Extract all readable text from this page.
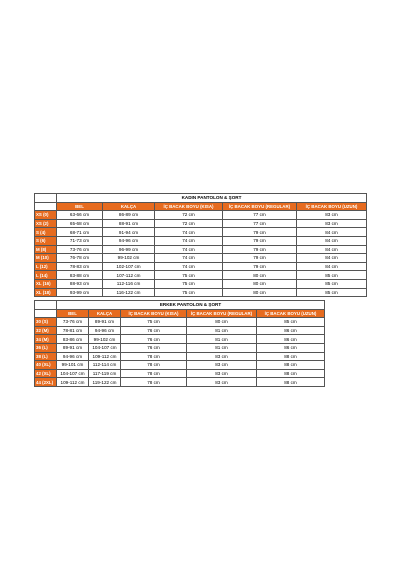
	KADIN PANTOLON & ŞORT				
	BEL	KALÇA	İÇ BACAK BOYU (KISA)	İÇ BACAK BOYU (REGULAR)	İÇ BACAK BOYU (UZUN)
XS (0)	63-66 cm	86-89 cm	72 cm	77 cm	83 cm
XS (2)	65-68 cm	88-91 cm	72 cm	77 cm	83 cm
S (4)	68-71 cm	91-94 cm	74 cm	79 cm	84 cm
S (6)	71-73 cm	94-96 cm	74 cm	79 cm	84 cm
M (8)	73-76 cm	96-99 cm	74 cm	79 cm	84 cm
M (10)	76-78 cm	99-102 cm	74 cm	79 cm	84 cm
L (12)	78-83 cm	102-107 cm	74 cm	79 cm	84 cm
L (14)	83-88 cm	107-112 cm	75 cm	80 cm	85 cm
XL (16)	88-93 cm	112-116 cm	75 cm	80 cm	85 cm
XL (18)	93-99 cm	116-122 cm	75 cm	80 cm	85 cm
	ERKEK PANTOLON & ŞORT				
	BEL	KALÇA	İÇ BACAK BOYU (KISA)	İÇ BACAK BOYU (REGULAR)	İÇ BACAK BOYU (UZUN)
30 (S)	73-76 cm	89-91 cm	75 cm	80 cm	85 cm
32 (M)	78-81 cm	94-96 cm	76 cm	81 cm	86 cm
34 (M)	83-86 cm	99-102 cm	76 cm	81 cm	86 cm
36 (L)	89-91 cm	104-107 cm	76 cm	81 cm	86 cm
38 (L)	94-96 cm	109-112 cm	78 cm	83 cm	88 cm
40 (XL)	99-101 cm	112-114 cm	78 cm	83 cm	88 cm
42 (XL)	104-107 cm	117-119 cm	78 cm	83 cm	88 cm
44 (2XL)	109-112 cm	119-122 cm	78 cm	83 cm	88 cm
